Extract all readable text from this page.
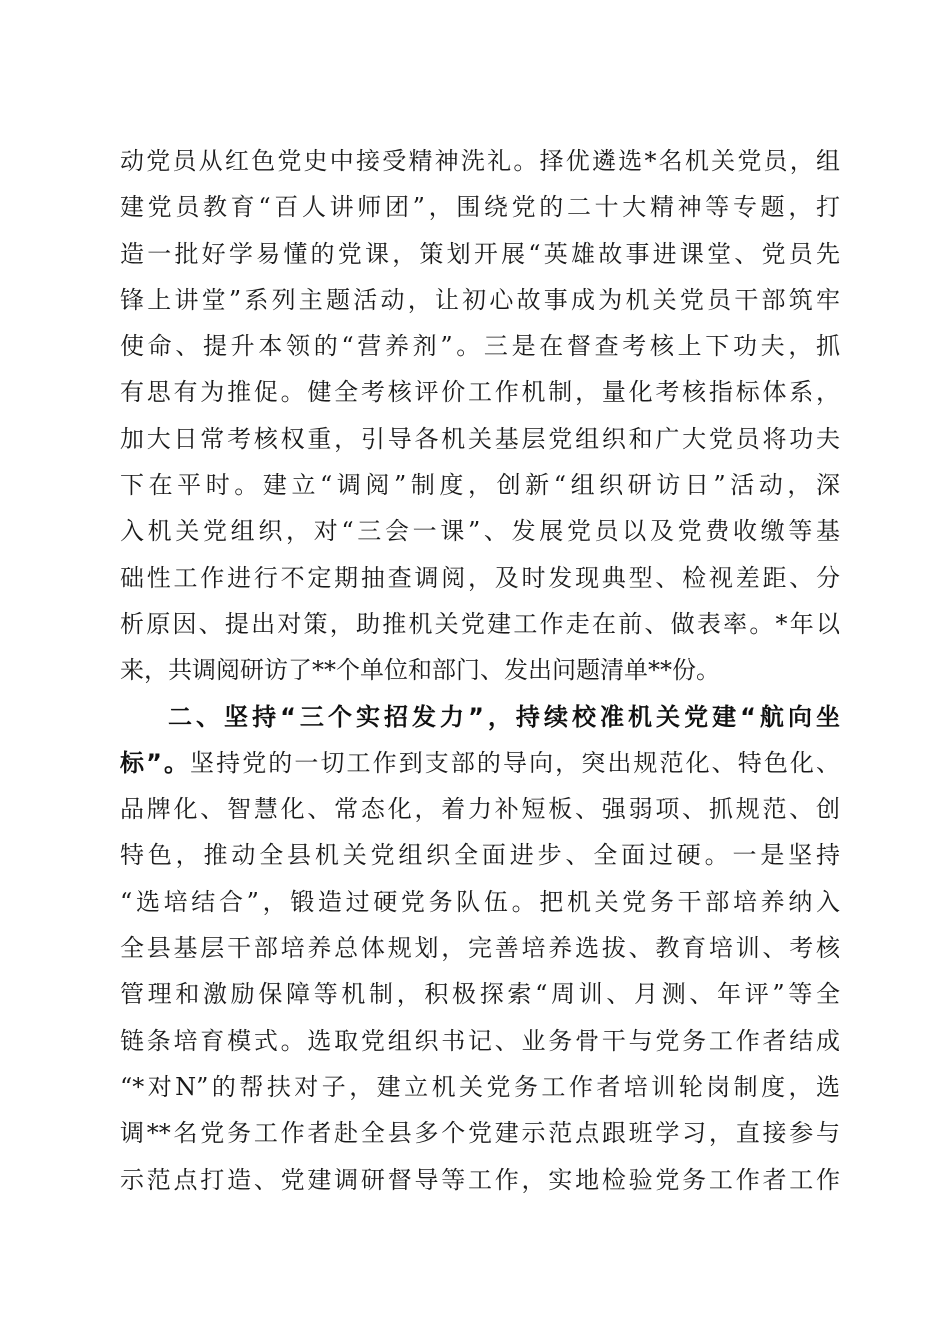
动党员从红色党史中接受精神洗礼。择优遴选*名机关党员，组
建党员教育“百人讲师团”，围绕党的二十大精神等专题，打
造一批好学易懂的党课，策划开展“英雄故事进课堂、党员先
锋上讲堂”系列主题活动，让初心故事成为机关党员干部筑牢
使命、提升本领的“营养剂”。三是在督查考核上下功夫，抓
有思有为推促。健全考核评价工作机制，量化考核指标体系，
加大日常考核权重，引导各机关基层党组织和广大党员将功夫
下在平时。建立“调阅”制度，创新“组织研访日”活动，深
入机关党组织，对“三会一课”、发展党员以及党费收缴等基
础性工作进行不定期抽查调阅，及时发现典型、检视差距、分
析原因、提出对策，助推机关党建工作走在前、做表率。*年以
来，共调阅研访了**个单位和部门、发出问题清单**份。
二、坚持“三个实招发力”，持续校准机关党建“航向坐
标”。坚持党的一切工作到支部的导向，突出规范化、特色化、
品牌化、智慧化、常态化，着力补短板、强弱项、抓规范、创
特色，推动全县机关党组织全面进步、全面过硬。一是坚持
“选培结合”，锻造过硬党务队伍。把机关党务干部培养纳入
全县基层干部培养总体规划，完善培养选拔、教育培训、考核
管理和激励保障等机制，积极探索“周训、月测、年评”等全
链条培育模式。选取党组织书记、业务骨干与党务工作者结成
“*对N”的帮扶对子，建立机关党务工作者培训轮岗制度，选
调**名党务工作者赴全县多个党建示范点跟班学习，直接参与
示范点打造、党建调研督导等工作，实地检验党务工作者工作
